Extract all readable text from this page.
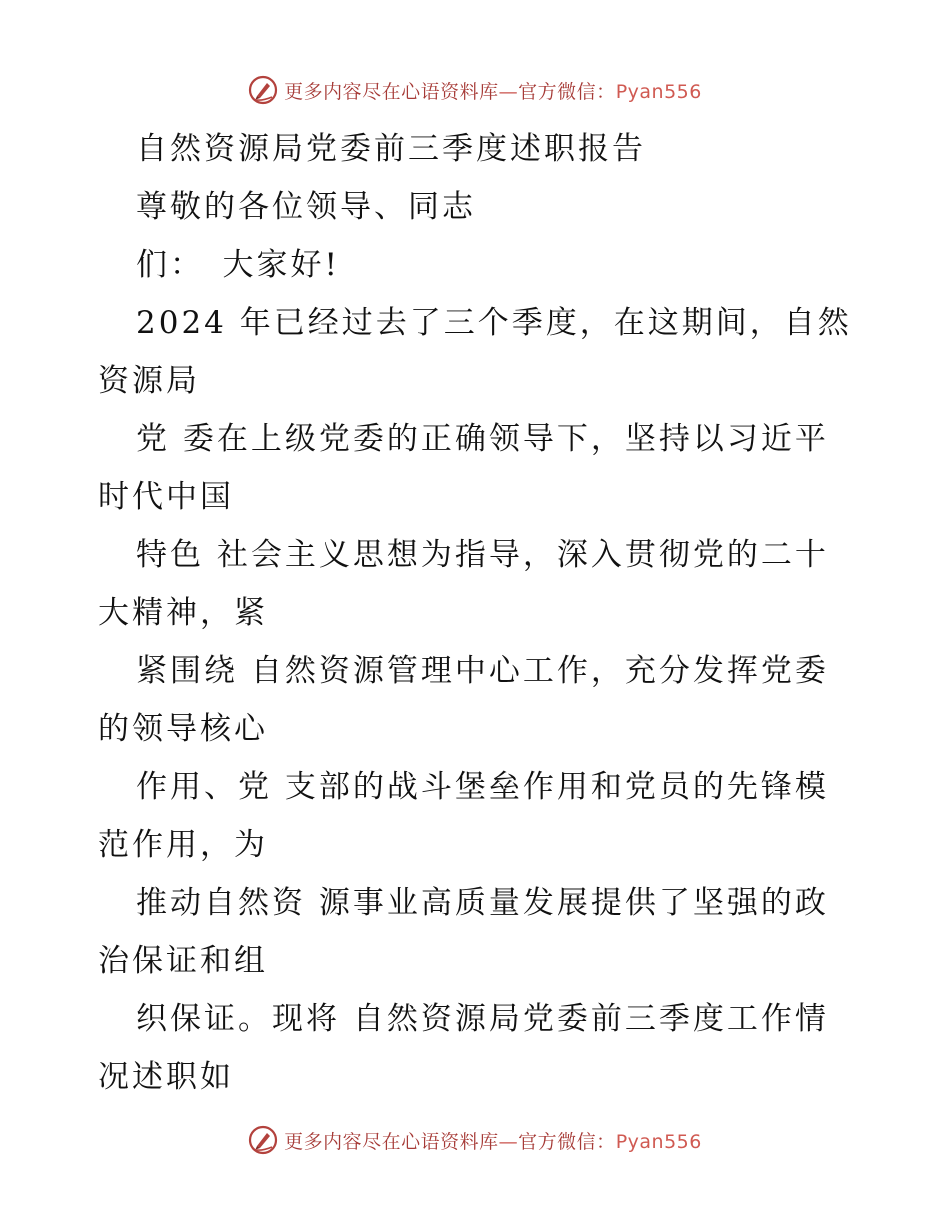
更多内容尽在心语资料库—官方微信：Pyan556
自然资源局党委前三季度述职报告
尊敬的各位领导、同志
们：　大家好!
2024 年已经过去了三个季度，在这期间，自然
资源局
党 委在上级党委的正确领导下，坚持以习近平
时代中国
特色 社会主义思想为指导，深入贯彻党的二十
大精神，紧
紧围绕 自然资源管理中心工作，充分发挥党委
的领导核心
作用、党 支部的战斗堡垒作用和党员的先锋模
范作用，为
推动自然资 源事业高质量发展提供了坚强的政
治保证和组
织保证。现将 自然资源局党委前三季度工作情
况述职如
更多内容尽在心语资料库—官方微信：Pyan556
